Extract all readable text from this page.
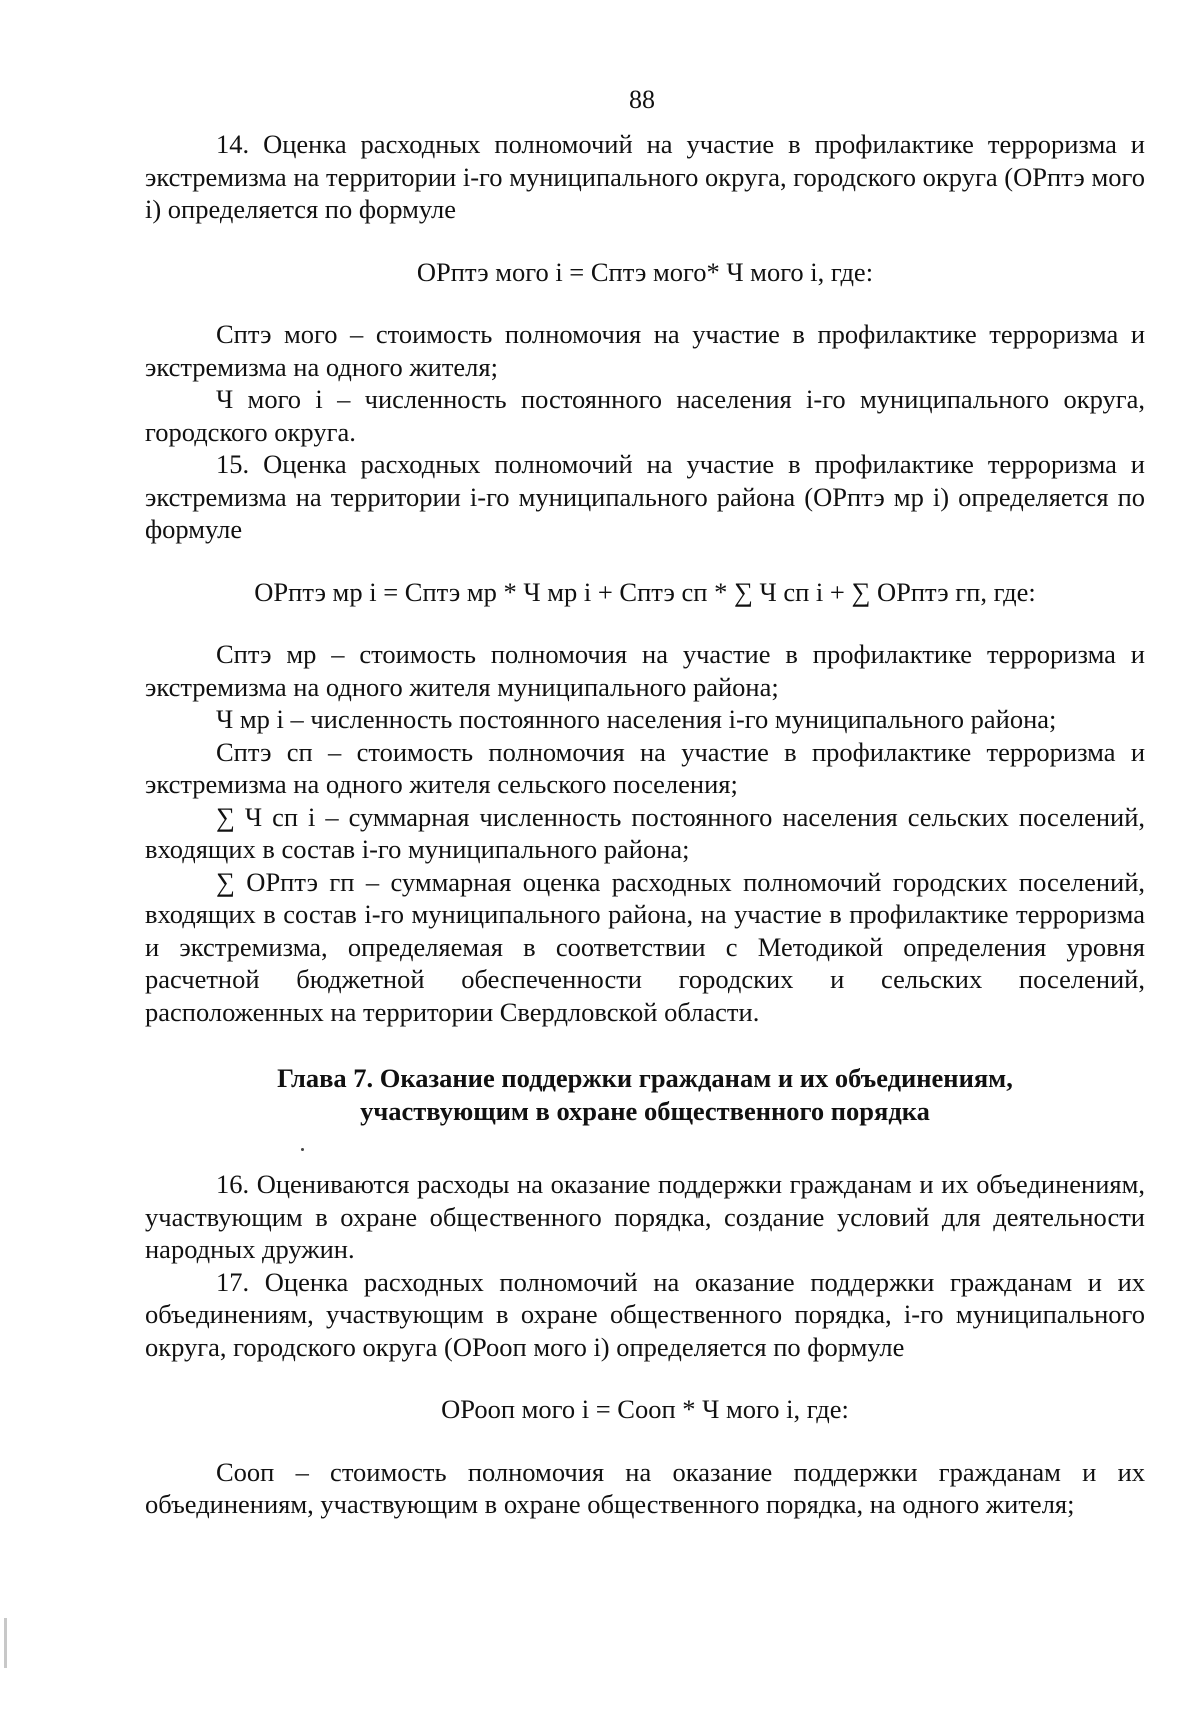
88

14. Оценка расходных полномочий на участие в профилактике терроризма и экстремизма на территории i-го муниципального округа, городского округа (ОРптэ мого i) определяется по формуле

ОРптэ мого i = Сптэ мого* Ч мого i, где:

Сптэ мого – стоимость полномочия на участие в профилактике терроризма и экстремизма на одного жителя;

Ч мого i – численность постоянного населения i-го муниципального округа, городского округа.

15. Оценка расходных полномочий на участие в профилактике терроризма и экстремизма на территории i-го муниципального района (ОРптэ мр i) определяется по формуле

ОРптэ мр i = Сптэ мр * Ч мр i + Сптэ сп * ∑ Ч сп i + ∑ ОРптэ гп, где:

Сптэ мр – стоимость полномочия на участие в профилактике терроризма и экстремизма на одного жителя муниципального района;

Ч мр i – численность постоянного населения i-го муниципального района;

Сптэ сп – стоимость полномочия на участие в профилактике терроризма и экстремизма на одного жителя сельского поселения;

∑ Ч сп i – суммарная численность постоянного населения сельских поселений, входящих в состав i-го муниципального района;

∑ ОРптэ гп – суммарная оценка расходных полномочий городских поселений, входящих в состав i-го муниципального района, на участие в профилактике терроризма и экстремизма, определяемая в соответствии с Методикой определения уровня расчетной бюджетной обеспеченности городских и сельских поселений, расположенных на территории Свердловской области.

Глава 7. Оказание поддержки гражданам и их объединениям,

участвующим в охране общественного порядка

16. Оцениваются расходы на оказание поддержки гражданам и их объединениям, участвующим в охране общественного порядка, создание условий для деятельности народных дружин.

17. Оценка расходных полномочий на оказание поддержки гражданам и их объединениям, участвующим в охране общественного порядка, i-го муниципального округа, городского округа (ОРооп мого i) определяется по формуле

ОРооп мого i = Сооп * Ч мого i, где:

Сооп – стоимость полномочия на оказание поддержки гражданам и их объединениям, участвующим в охране общественного порядка, на одного жителя;
